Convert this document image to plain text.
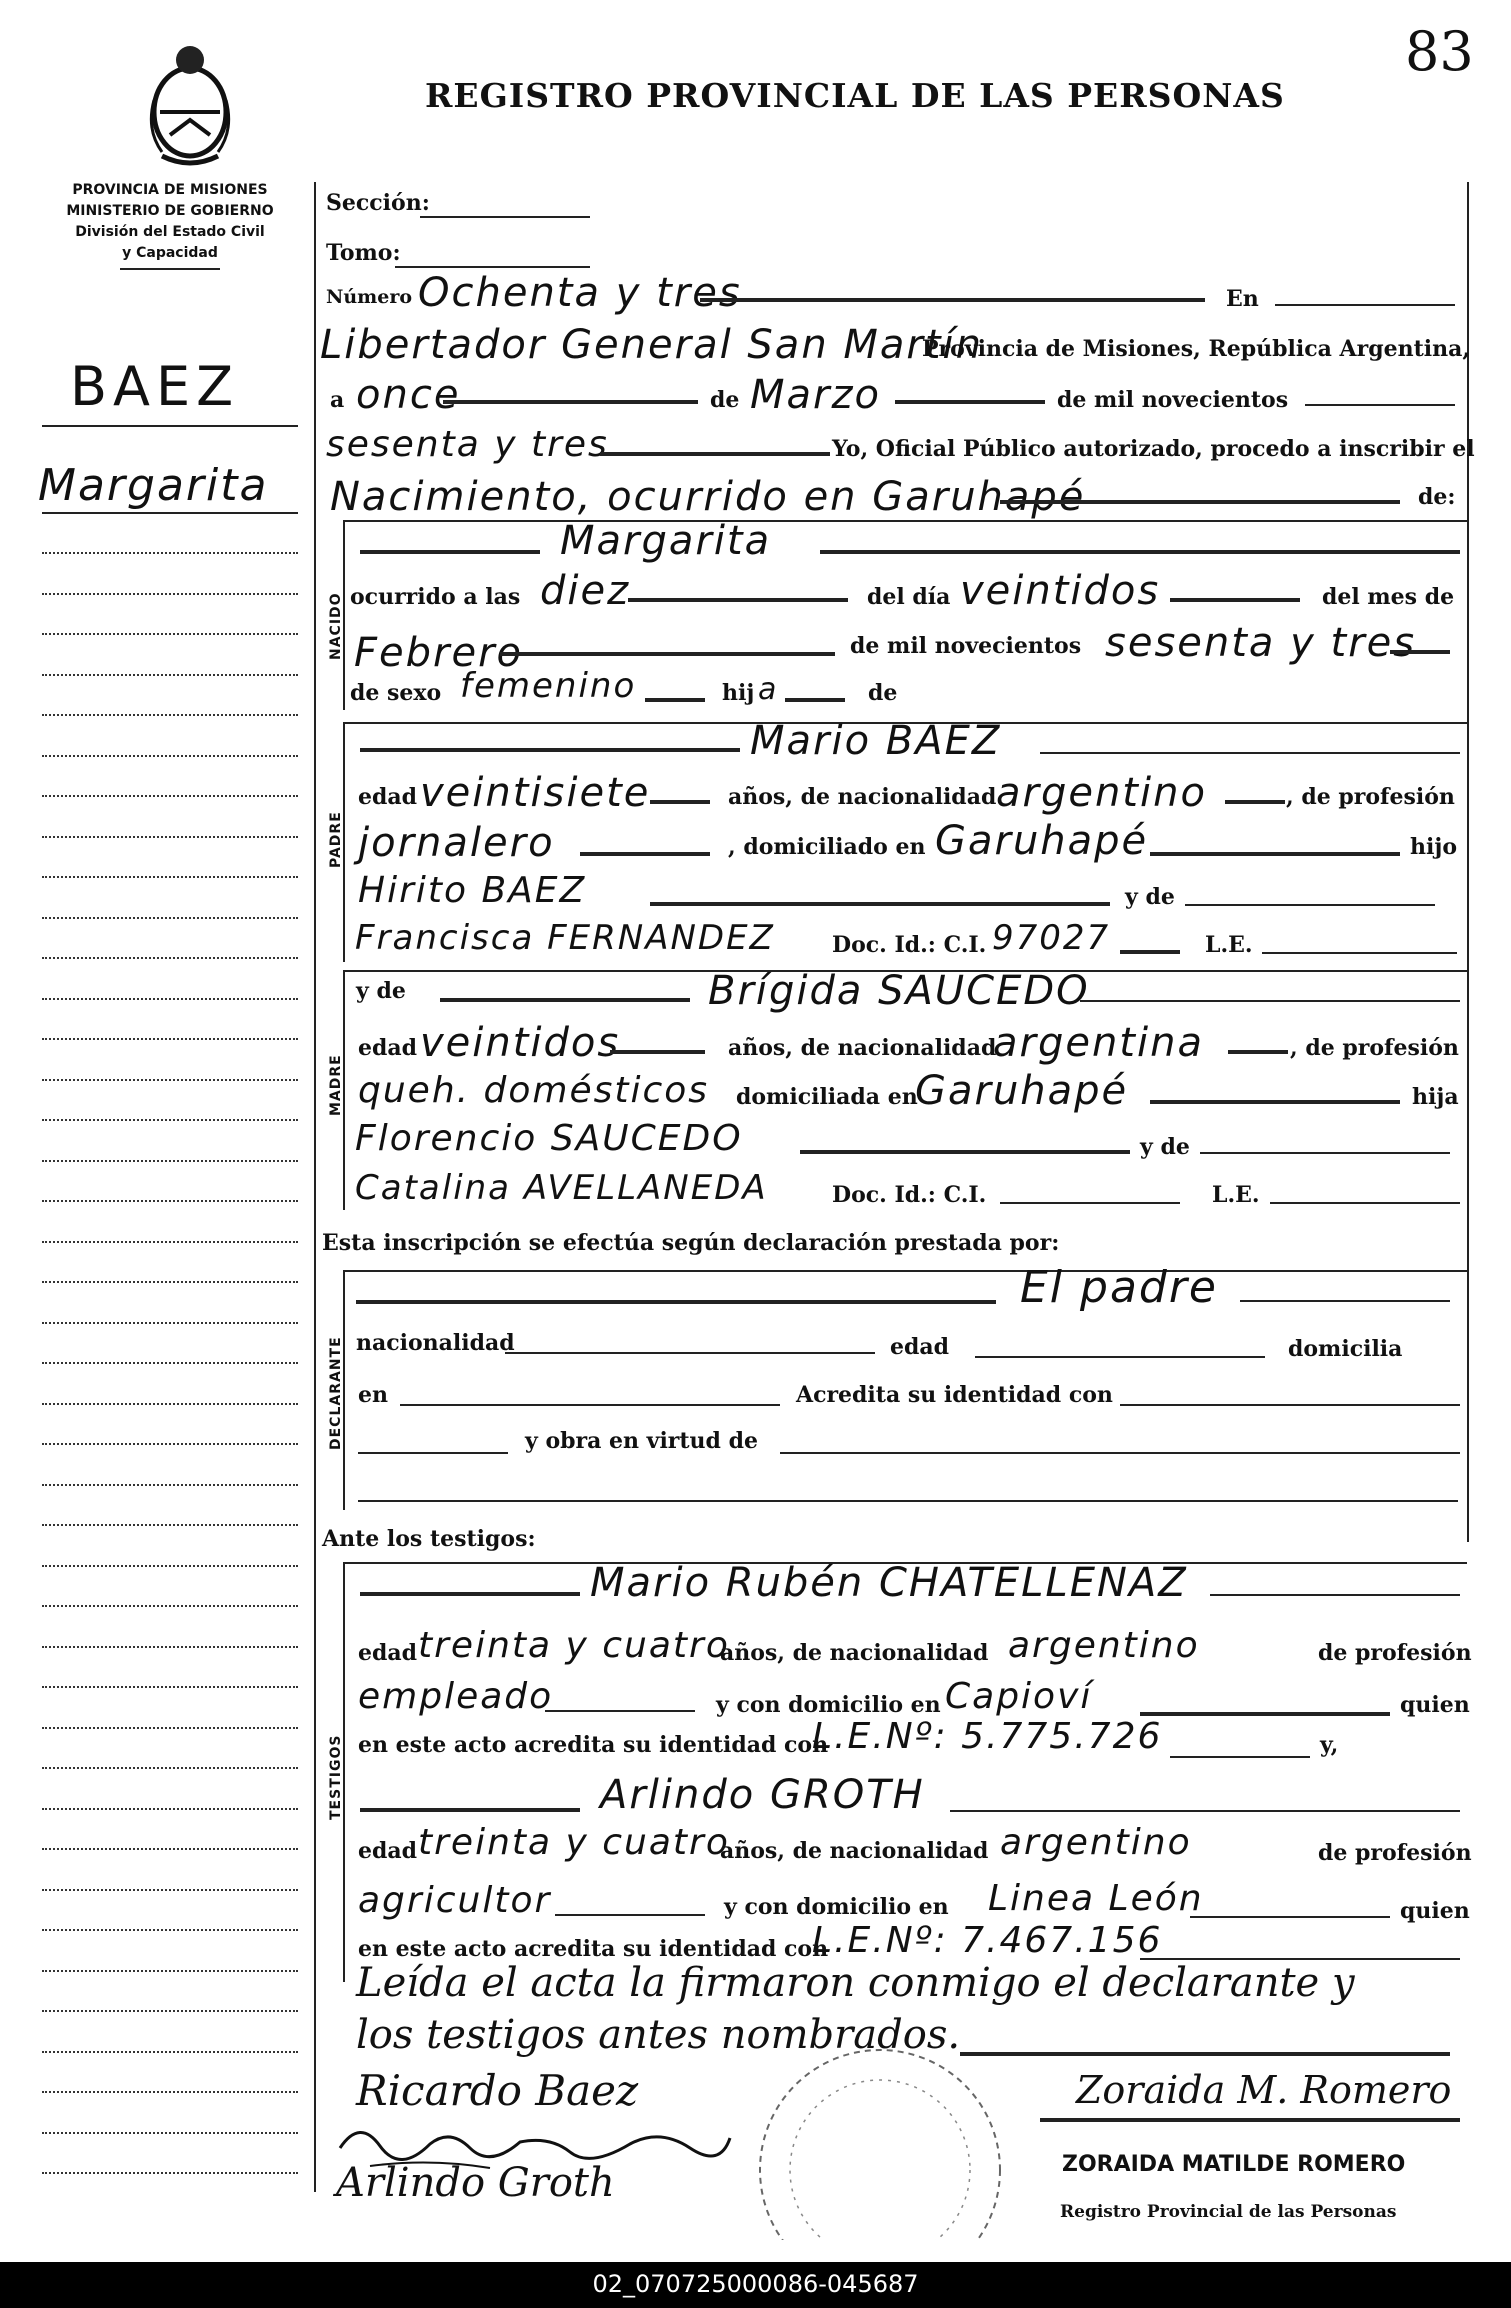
REGISTRO PROVINCIAL DE LAS PERSONAS
83
PROVINCIA DE MISIONES
MINISTERIO DE GOBIERNO
División del Estado Civil
y Capacidad
BAEZ
Margarita
Sección:
Tomo:
Número Ochenta y tres	En
Libertador General San Martín
Provincia de Misiones, República Argentina,
a once	de Marzo	de mil novecientos
sesenta y tres	Yo, Oficial Público autorizado, procedo a inscribir el
Nacimiento, ocurrido en Garuhapé	de:
NACIDO
Margarita
ocurrido a las diez	del día veintidos	del mes de
Febrero	de mil novecientos sesenta y tres
de sexo femenino	hij a	de
PADRE
Mario BAEZ
edad veintisiete	años, de nacionalidad argentino	, de profesión
jornalero	, domiciliado en Garuhapé	hijo
Hirito BAEZ	y de
Francisca FERNANDEZ	Doc. Id.: C.I. 97027	L.E.
MADRE
y de	Brígida SAUCEDO
edad veintidos	años, de nacionalidad
argentina	, de profesión
queh. domésticos domiciliada en
Garuhapé	hija
Florencio SAUCEDO	y de
Catalina AVELLANEDA	Doc. Id.: C.I.	L.E.
Esta inscripción se efectúa según declaración prestada por:
DECLARANTE
El padre
nacionalidad	edad	domicilia
en	Acredita su identidad con
y obra en virtud de
Ante los testigos:
TESTIGOS
Mario Rubén CHATELLENAZ
edad treinta y cuatro
años, de nacionalidad argentino	de profesión
empleado	y con domicilio en Capioví	quien
en este acto acredita su identidad con
L.E.Nº: 5.775.726	y,
Arlindo GROTH
edad treinta y cuatro
años, de nacionalidad argentino	de profesión
agricultor	y con domicilio en Linea León	quien
en este acto acredita su identidad con
L.E.Nº: 7.467.156
Leída el acta la firmaron conmigo el declarante y
los testigos antes nombrados.
Ricardo Baez
Arlindo Groth
Zoraida M. Romero
ZORAIDA MATILDE ROMERO
Registro Provincial de las Personas
02_070725000086-045687
